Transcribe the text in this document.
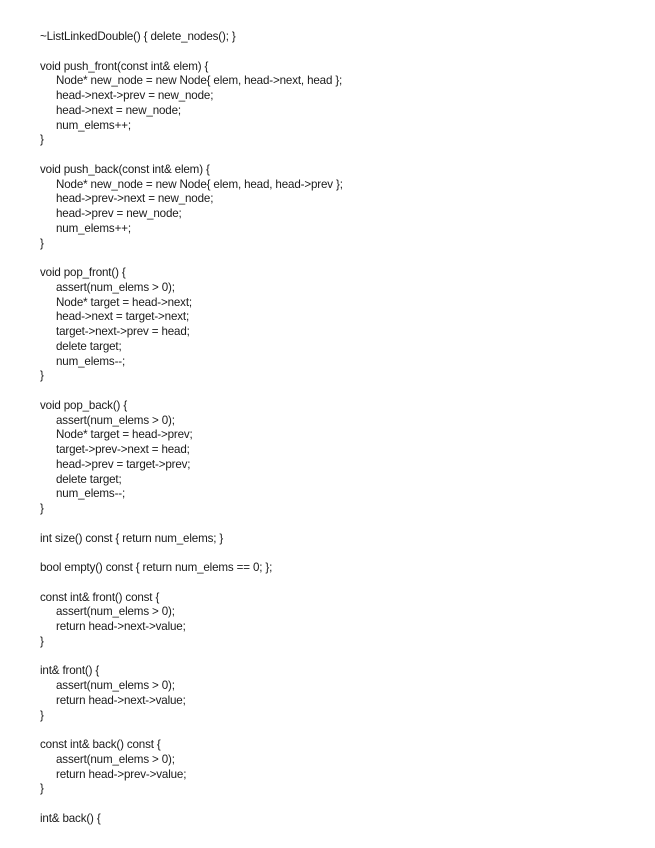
~ListLinkedDouble() { delete_nodes(); }
void push_front(const int& elem) {
Node* new_node = new Node{ elem, head->next, head };
head->next->prev = new_node;
head->next = new_node;
num_elems++;
}
void push_back(const int& elem) {
Node* new_node = new Node{ elem, head, head->prev };
head->prev->next = new_node;
head->prev = new_node;
num_elems++;
}
void pop_front() {
assert(num_elems > 0);
Node* target = head->next;
head->next = target->next;
target->next->prev = head;
delete target;
num_elems--;
}
void pop_back() {
assert(num_elems > 0);
Node* target = head->prev;
target->prev->next = head;
head->prev = target->prev;
delete target;
num_elems--;
}
int size() const { return num_elems; }
bool empty() const { return num_elems == 0; };
const int& front() const {
assert(num_elems > 0);
return head->next->value;
}
int& front() {
assert(num_elems > 0);
return head->next->value;
}
const int& back() const {
assert(num_elems > 0);
return head->prev->value;
}
int& back() {
